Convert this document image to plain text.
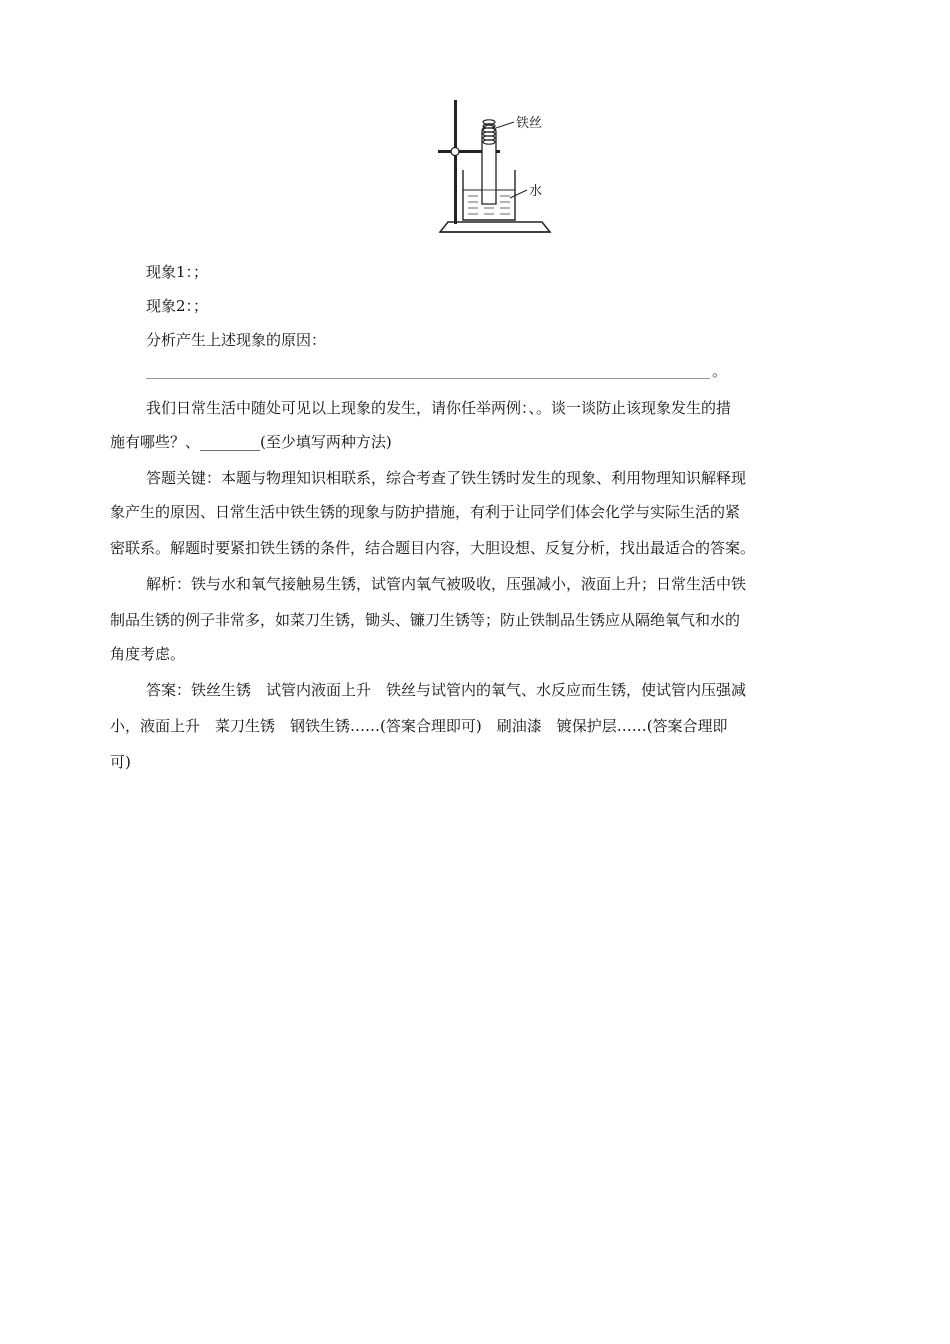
铁丝
水
现象1：；
现象2：；
分析产生上述现象的原因：
。
我们日常生活中随处可见以上现象的发生，请你任举两例：、。谈一谈防止该现象发生的措
施有哪些？、________(至少填写两种方法)
答题关键：本题与物理知识相联系，综合考查了铁生锈时发生的现象、利用物理知识解释现
象产生的原因、日常生活中铁生锈的现象与防护措施，有利于让同学们体会化学与实际生活的紧
密联系。解题时要紧扣铁生锈的条件，结合题目内容，大胆设想、反复分析，找出最适合的答案。
解析：铁与水和氧气接触易生锈，试管内氧气被吸收，压强减小，液面上升；日常生活中铁
制品生锈的例子非常多，如菜刀生锈，锄头、镰刀生锈等；防止铁制品生锈应从隔绝氧气和水的
角度考虑。
答案：铁丝生锈　试管内液面上升　铁丝与试管内的氧气、水反应而生锈，使试管内压强减
小，液面上升　菜刀生锈　钢铁生锈……(答案合理即可)　刷油漆　镀保护层……(答案合理即
可)
